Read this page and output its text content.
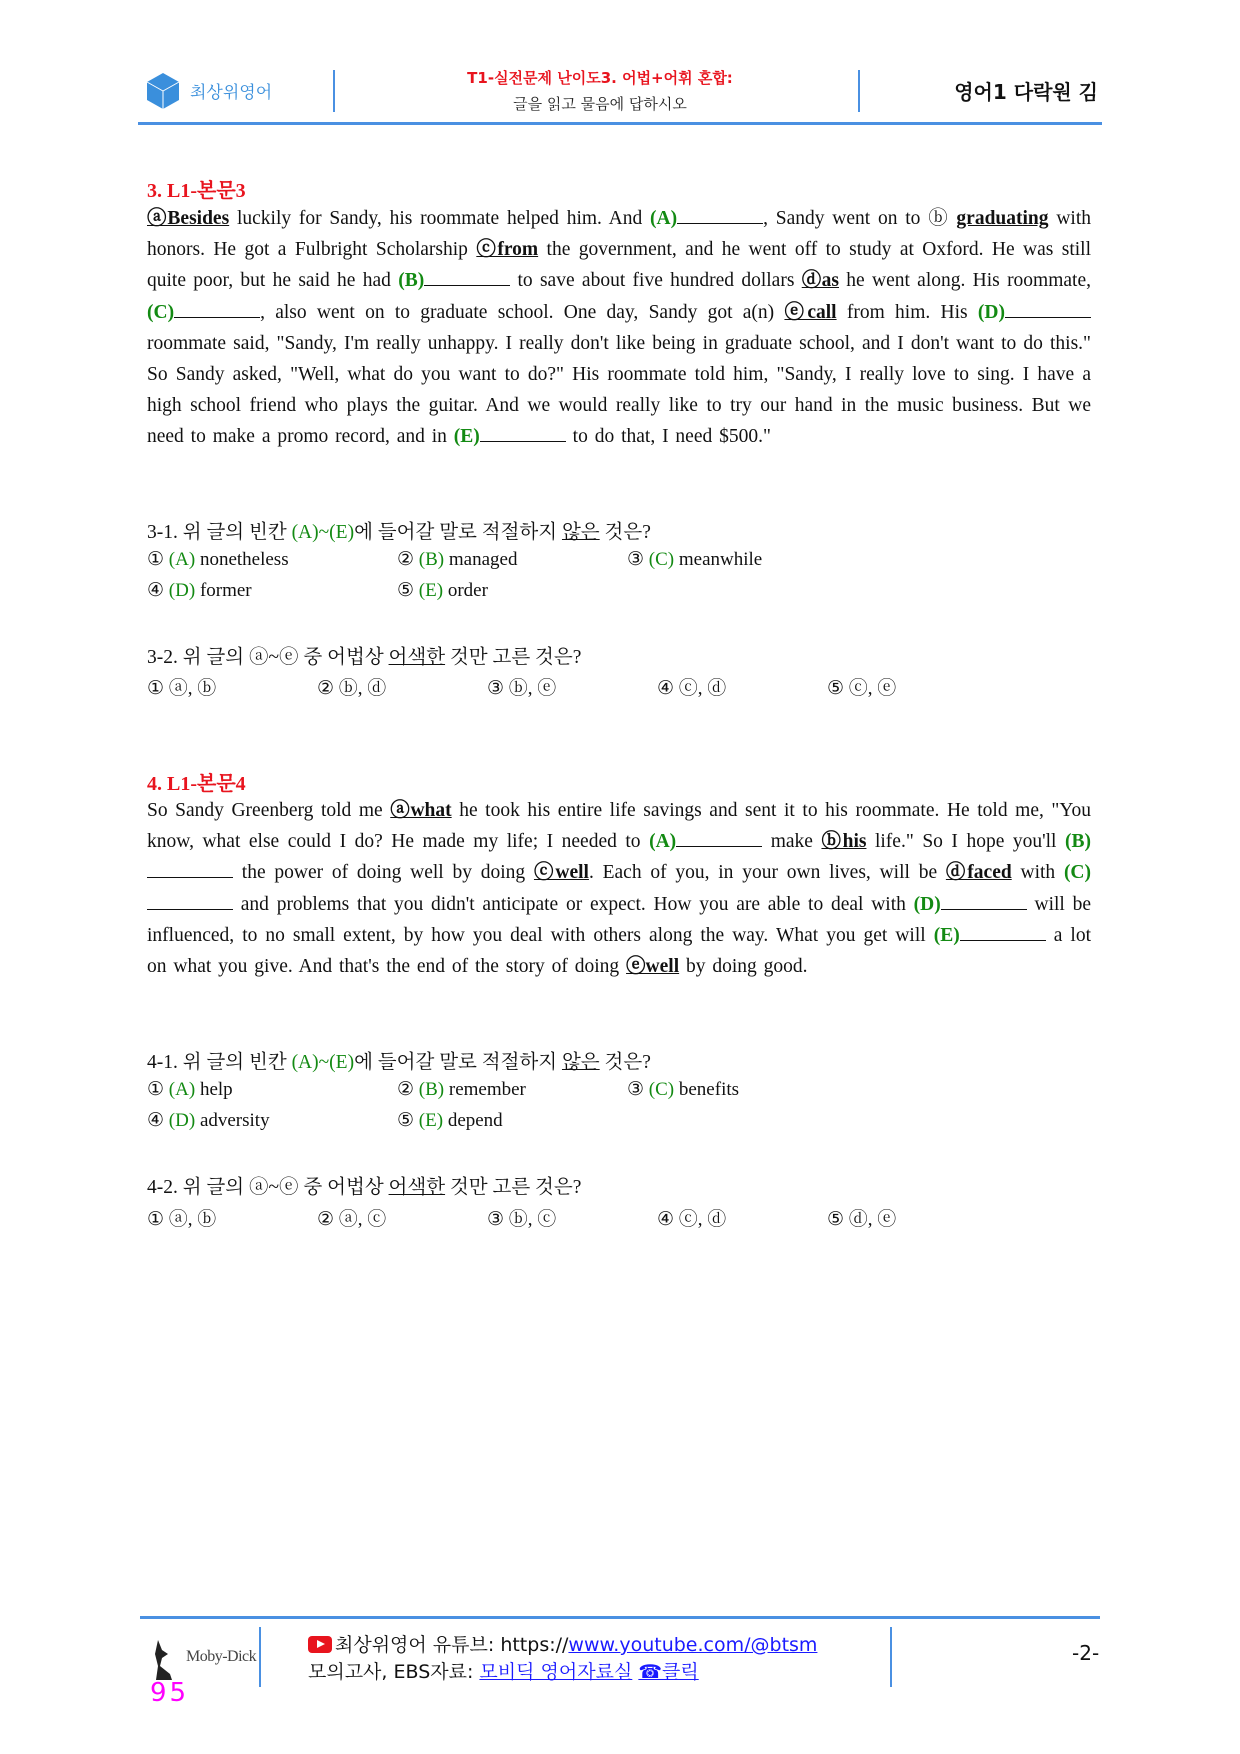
최상위영어
T1-실전문제 난이도3. 어법+어휘 혼합:
글을 읽고 물음에 답하시오	영어1 다락원 김
3. L1-본문3
ⓐBesides luckily for Sandy, his roommate helped him. And (A)	, Sandy went on to ⓑ graduating with honors. He got a Fulbright Scholarship ⓒfrom the government, and he went off to study at Oxford. He was still quite poor, but he said he had (B)	to save about five hundred dollars ⓓas he went along. His roommate, (C)	, also went on to graduate school. One day, Sandy got a(n) ⓔcall from him. His (D) roommate said, "Sandy, I'm really unhappy. I really don't like being in graduate school, and I don't want to do this." So Sandy asked, "Well, what do you want to do?" His roommate told him, "Sandy, I really love to sing. I have a high school friend who plays the guitar. And we would really like to try our hand in the music business. But we need to make a promo record, and in (E)	to do that, I need $500."
3-1. 위 글의 빈칸 (A)~(E)에 들어갈 말로 적절하지 않은 것은?
① (A) nonetheless	② (B) managed	③ (C) meanwhile
④ (D) former	⑤ (E) order
3-2. 위 글의 ⓐ~ⓔ 중 어법상 어색한 것만 고른 것은?
① ⓐ, ⓑ	② ⓑ, ⓓ	③ ⓑ, ⓔ	④ ⓒ, ⓓ	⑤ ⓒ, ⓔ
4. L1-본문4
So Sandy Greenberg told me ⓐwhat he took his entire life savings and sent it to his roommate. He told me, "You know, what else could I do? He made my life; I needed to (A)	make ⓑhis life." So I hope you'll (B) the power of doing well by doing ⓒwell. Each of you, in your own lives, will be ⓓfaced with (C) and problems that you didn't anticipate or expect. How you are able to deal with (D)	will be influenced, to no small extent, by how you deal with others along the way. What you get will (E)	a lot on what you give. And that's the end of the story of doing ⓔwell by doing good.
4-1. 위 글의 빈칸 (A)~(E)에 들어갈 말로 적절하지 않은 것은?
① (A) help	② (B) remember	③ (C) benefits
④ (D) adversity	⑤ (E) depend
4-2. 위 글의 ⓐ~ⓔ 중 어법상 어색한 것만 고른 것은?
① ⓐ, ⓑ	② ⓐ, ⓒ	③ ⓑ, ⓒ	④ ⓒ, ⓓ	⑤ ⓓ, ⓔ
Moby-Dick
95
최상위영어 유튜브: https://www.youtube.com/@btsm
모의고사, EBS자료: 모비딕 영어자료실 ☎클릭
-2-
